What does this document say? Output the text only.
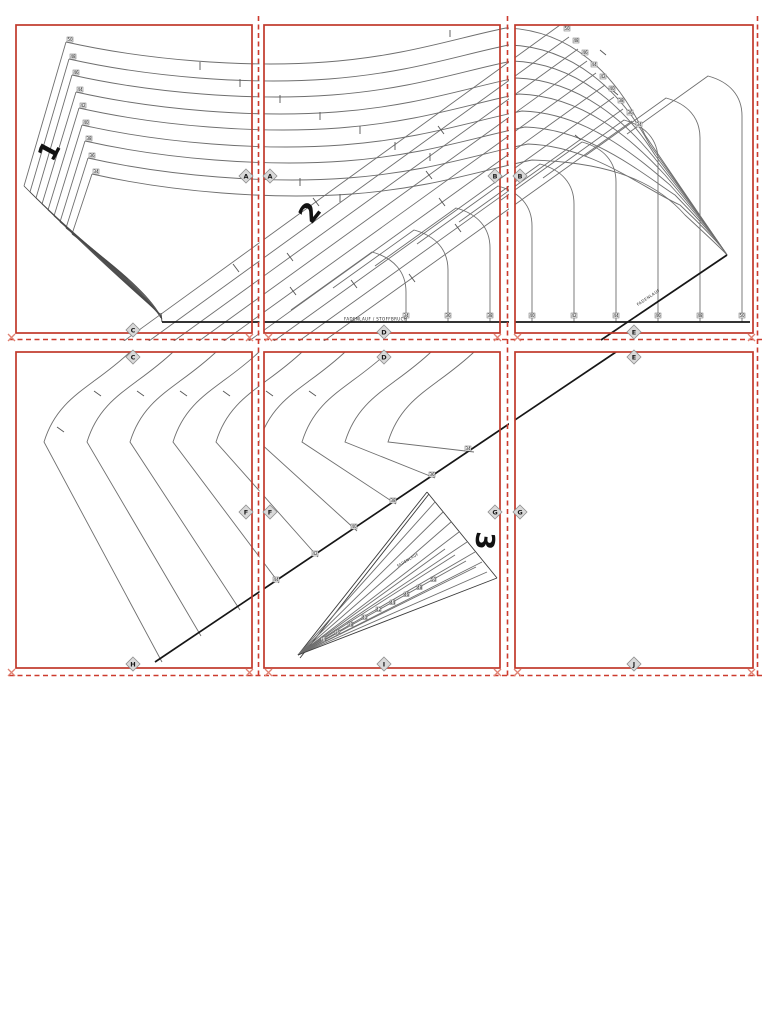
A	A	B	B
C
C
D
D
E
E
F	F	G	G
H	I	J
1
2
3
50
48
46
44
42
40
38
36
34
50
48
46
44
42
40
38
36
34
34	36	38	40	42	44	46	48	50
44
42
40
38
36
34
34
36
38
40
42
44
46
48
50
FADENLAUF / STOFFBRUCH
FADENLAUF
FADENLAUF
